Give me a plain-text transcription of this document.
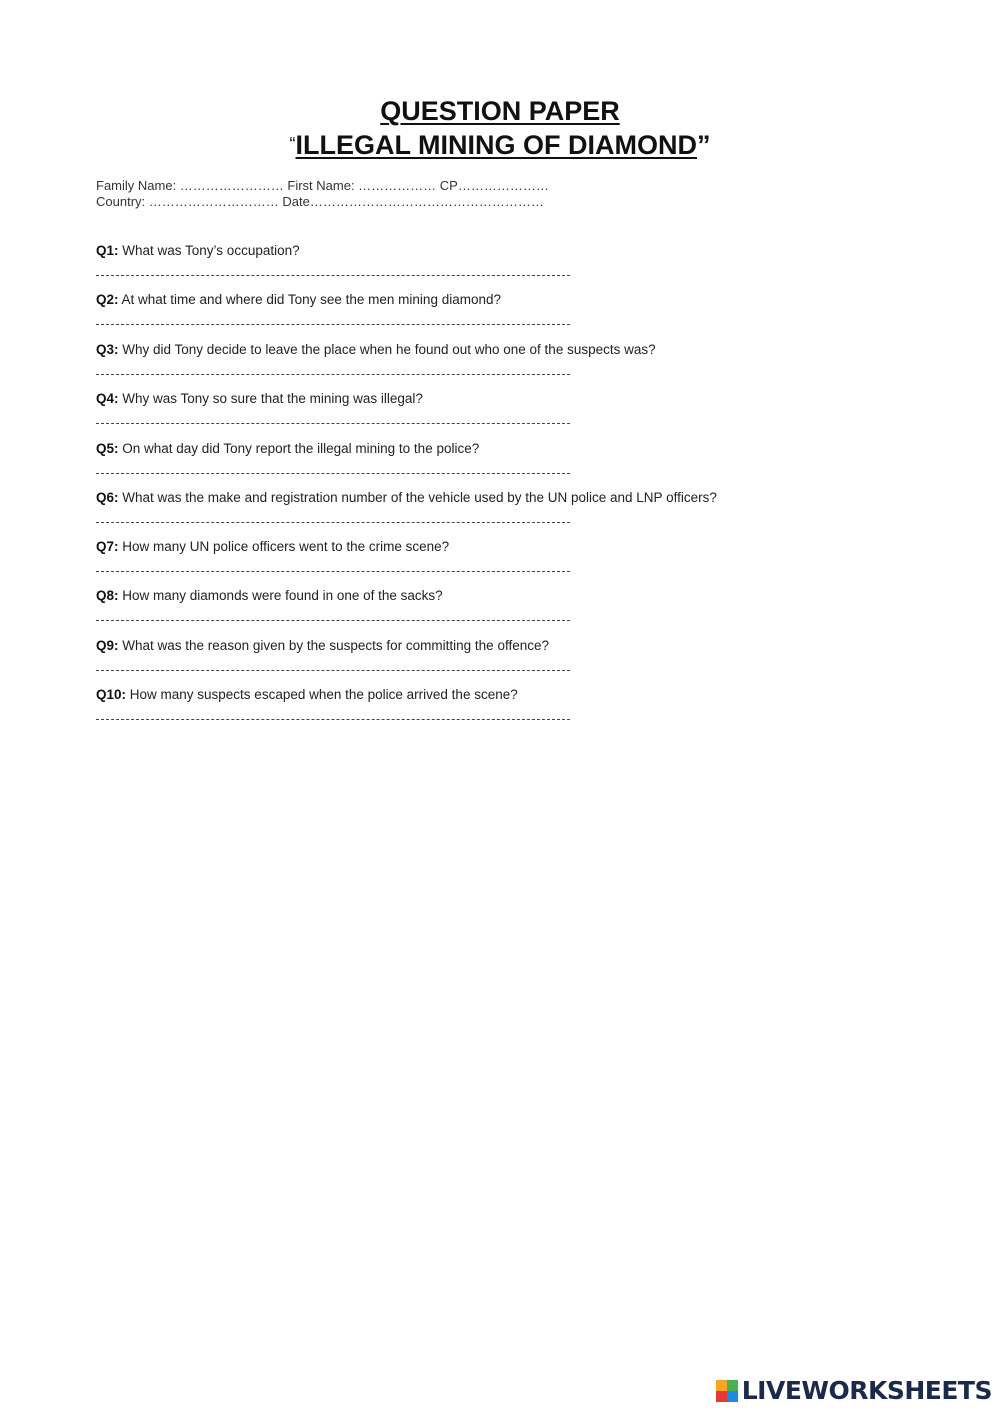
QUESTION PAPER
“ILLEGAL MINING OF DIAMOND”
Family Name: …………………… First Name: ……………… CP…………………
Country: ………………………… Date………………………………………………
Q1: What was Tony’s occupation?
Q2: At what time and where did Tony see the men mining diamond?
Q3: Why did Tony decide to leave the place when he found out who one of the suspects was?
Q4: Why was Tony so sure that the mining was illegal?
Q5: On what day did Tony report the illegal mining to the police?
Q6: What was the make and registration number of the vehicle used by the UN police and LNP officers?
Q7: How many UN police officers went to the crime scene?
Q8: How many diamonds were found in one of the sacks?
Q9: What was the reason given by the suspects for committing the offence?
Q10: How many suspects escaped when the police arrived the scene?
LIVEWORKSHEETS
